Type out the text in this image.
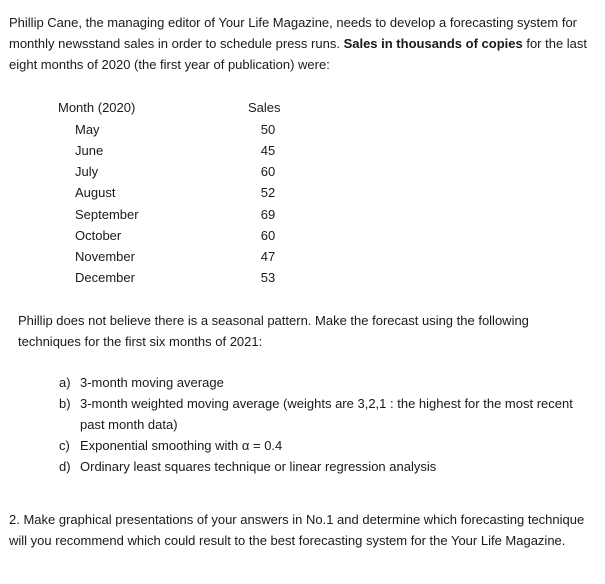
Phillip Cane, the managing editor of Your Life Magazine, needs to develop a forecasting system for monthly newsstand sales in order to schedule press runs. Sales in thousands of copies for the last eight months of 2020 (the first year of publication) were:

Month (2020)	Sales
May	50
June	45
July	60
August	52
September	69
October	60
November	47
December	53

Phillip does not believe there is a seasonal pattern. Make the forecast using the following techniques for the first six months of 2021:

a) 3-month moving average
b) 3-month weighted moving average (weights are 3,2,1 : the highest for the most recent past month data)
c) Exponential smoothing with α = 0.4
d) Ordinary least squares technique or linear regression analysis

2. Make graphical presentations of your answers in No.1 and determine which forecasting technique will you recommend which could result to the best forecasting system for the Your Life Magazine.
